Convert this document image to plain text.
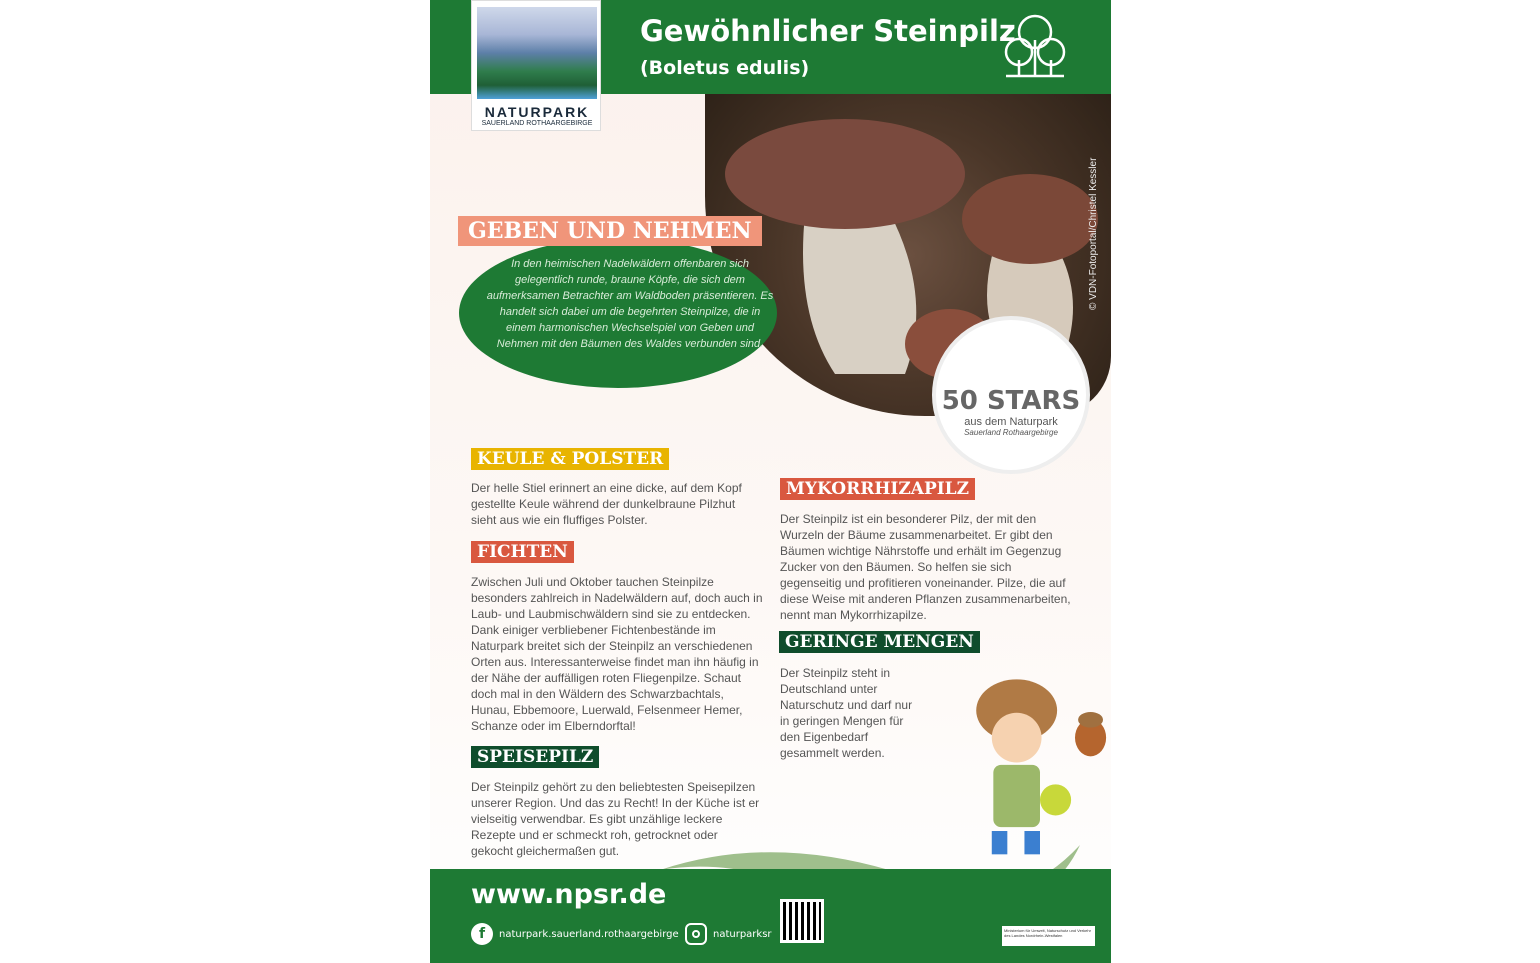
NATURPARK
SAUERLAND ROTHAARGEBIRGE
Gewöhnlicher Steinpilz
(Boletus edulis)
© VDN-Fotoportal/Christel Kessler
GEBEN UND NEHMEN
In den heimischen Nadelwäldern offenbaren sich gelegentlich runde, braune Köpfe, die sich dem aufmerksamen Betrachter am Waldboden präsentieren. Es handelt sich dabei um die begehrten Steinpilze, die in einem harmonischen Wechselspiel von Geben und Nehmen mit den Bäumen des Waldes verbunden sind.
50 STARS
aus dem Naturpark
Sauerland Rothaargebirge
KEULE & POLSTER
Der helle Stiel erinnert an eine dicke, auf dem Kopf gestellte Keule während der dunkelbraune Pilzhut sieht aus wie ein fluffiges Polster.
FICHTEN
Zwischen Juli und Oktober tauchen Steinpilze besonders zahlreich in Nadelwäldern auf, doch auch in Laub- und Laubmischwäldern sind sie zu entdecken. Dank einiger verbliebener Fichtenbestände im Naturpark breitet sich der Steinpilz an verschiedenen Orten aus. Interessanterweise findet man ihn häufig in der Nähe der auffälligen roten Fliegenpilze. Schaut doch mal in den Wäldern des Schwarzbachtals, Hunau, Ebbemoore, Luerwald, Felsenmeer Hemer, Schanze oder im Elberndorftal!
SPEISEPILZ
Der Steinpilz gehört zu den beliebtesten Speisepilzen unserer Region. Und das zu Recht! In der Küche ist er vielseitig verwendbar. Es gibt unzählige leckere Rezepte und er schmeckt roh, getrocknet oder gekocht gleichermaßen gut.
MYKORRHIZAPILZ
Der Steinpilz ist ein besonderer Pilz, der mit den Wurzeln der Bäume zusammenarbeitet. Er gibt den Bäumen wichtige Nährstoffe und erhält im Gegenzug Zucker von den Bäumen. So helfen sie sich gegenseitig und profitieren voneinander. Pilze, die auf diese Weise mit anderen Pflanzen zusammenarbeiten, nennt man Mykorrhizapilze.
GERINGE MENGEN
Der Steinpilz steht in Deutschland unter Naturschutz und darf nur in geringen Mengen für den Eigenbedarf gesammelt werden.
www.npsr.de
f	naturpark.sauerland.rothaargebirge	naturparksr	Ministerium für Umwelt, Naturschutz und Verkehr des Landes Nordrhein-Westfalen
